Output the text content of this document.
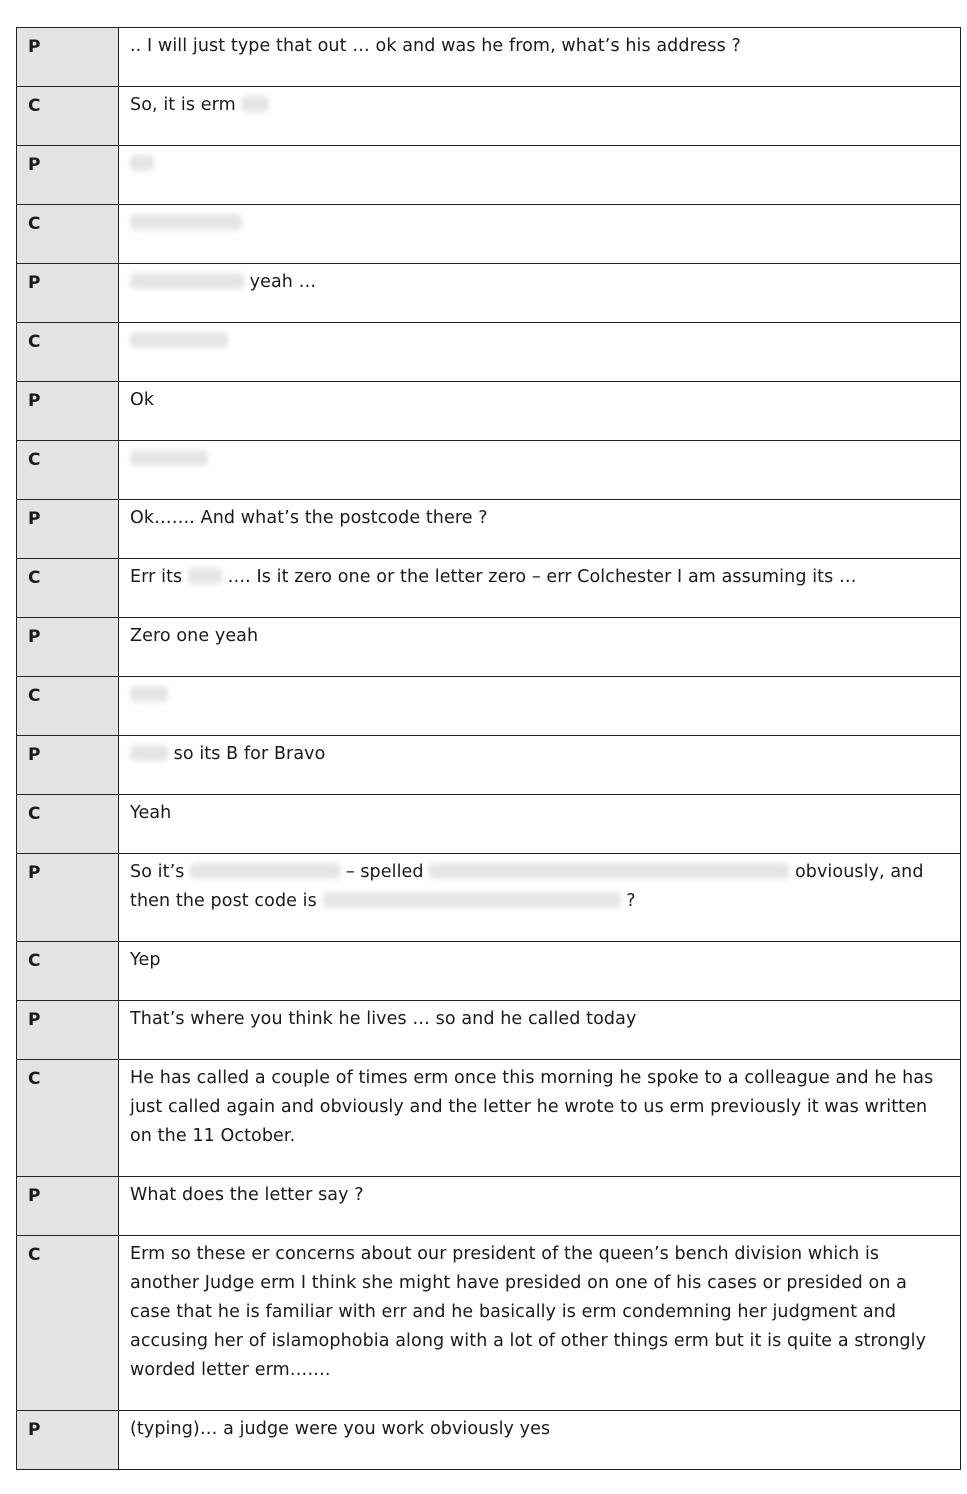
P	.. I will just type that out … ok and was he from, what’s his address ?
C	So, it is erm
P	
C	
P	yeah …
C	
P	Ok
C	
P	Ok……. And what’s the postcode there ?
C	Err its  …. Is it zero one or the letter zero – err Colchester I am assuming its …
P	Zero one yeah
C	
P	so its B for Bravo
C	Yeah
P	So it’s – spelled obviously, and then the post code is ?
C	Yep
P	That’s where you think he lives … so and he called today
C	He has called a couple of times erm once this morning he spoke to a colleague and he has just called again and obviously and the letter he wrote to us erm previously it was written on the 11 October.
P	What does the letter say ?
C	Erm so these er concerns about our president of the queen’s bench division which is another Judge erm I think she might have presided on one of his cases or presided on a case that he is familiar with err and he basically is erm condemning her judgment and accusing her of islamophobia along with a lot of other things erm but it is quite a strongly worded letter erm…….
P	(typing)… a judge were you work obviously yes
